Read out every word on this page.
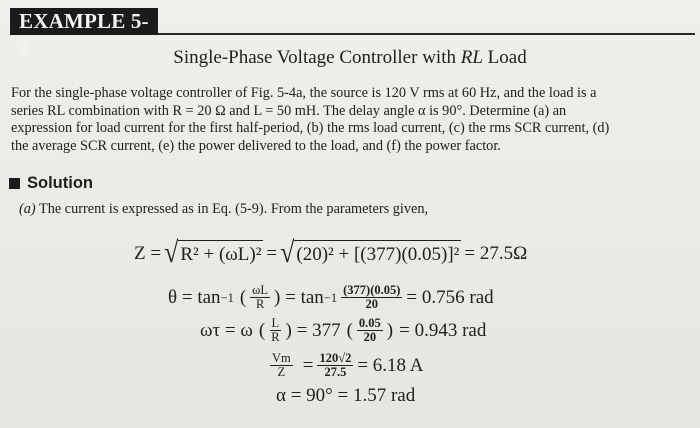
EXAMPLE 5-2	Single-Phase Voltage Controller with RL Load
For the single-phase voltage controller of Fig. 5-4a, the source is 120 V rms at 60 Hz, and the load is a
series RL combination with R = 20 Ω and L = 50 mH. The delay angle α is 90°. Determine (a) an
expression for load current for the first half-period, (b) the rms load current, (c) the rms SCR current, (d)
the average SCR current, (e) the power delivered to the load, and (f) the power factor.
Solution
(a) The current is expressed as in Eq. (5-9). From the parameters given,
Z = √ R² + (ωL)² = √ (20)² + [(377)(0.05)]² = 27.5Ω
θ = tan −1 ( $\frac{\omega L}{R}$ ) = $\tan -1 \frac{(377)(0.05)}{20} = 0.756$ rad
ωτ = ω ( $\frac{L}{R}$ ) = 377 ( $\frac{0.05}{20}$ ) = 0.943 rad
$\frac{Vm}{Z} = \frac{120√2}{27.5} = 6.18$ A
α = 90° = 1.57 rad
